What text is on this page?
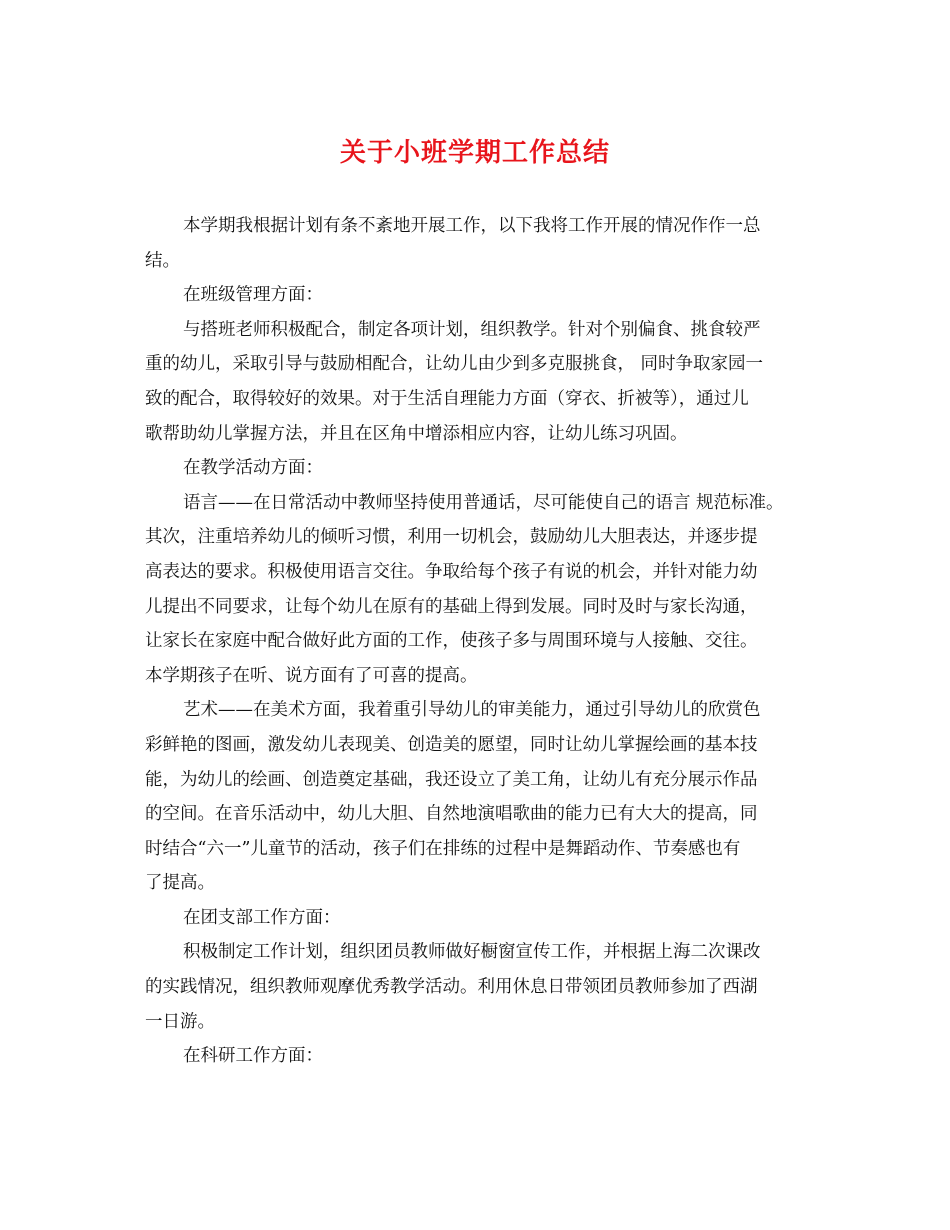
关于小班学期工作总结
本学期我根据计划有条不紊地开展工作，以下我将工作开展的情况作作一总
结。
在班级管理方面：
与搭班老师积极配合，制定各项计划，组织教学。针对个别偏食、挑食较严
重的幼儿，采取引导与鼓励相配合，让幼儿由少到多克服挑食， 同时争取家园一
致的配合，取得较好的效果。对于生活自理能力方面（穿衣、折被等），通过儿
歌帮助幼儿掌握方法，并且在区角中增添相应内容，让幼儿练习巩固。
在教学活动方面：
语言——在日常活动中教师坚持使用普通话，尽可能使自己的语言 规范标准。
其次，注重培养幼儿的倾听习惯，利用一切机会，鼓励幼儿大胆表达，并逐步提
高表达的要求。积极使用语言交往。争取给每个孩子有说的机会，并针对能力幼
儿提出不同要求，让每个幼儿在原有的基础上得到发展。同时及时与家长沟通，
让家长在家庭中配合做好此方面的工作，使孩子多与周围环境与人接触、交往。
本学期孩子在听、说方面有了可喜的提高。
艺术——在美术方面，我着重引导幼儿的审美能力，通过引导幼儿的欣赏色
彩鲜艳的图画，激发幼儿表现美、创造美的愿望，同时让幼儿掌握绘画的基本技
能，为幼儿的绘画、创造奠定基础，我还设立了美工角，让幼儿有充分展示作品
的空间。在音乐活动中，幼儿大胆、自然地演唱歌曲的能力已有大大的提高，同
时结合“六一”儿童节的活动，孩子们在排练的过程中是舞蹈动作、节奏感也有
了提高。
在团支部工作方面：
积极制定工作计划，组织团员教师做好橱窗宣传工作，并根据上海二次课改
的实践情况，组织教师观摩优秀教学活动。利用休息日带领团员教师参加了西湖
一日游。
在科研工作方面：
